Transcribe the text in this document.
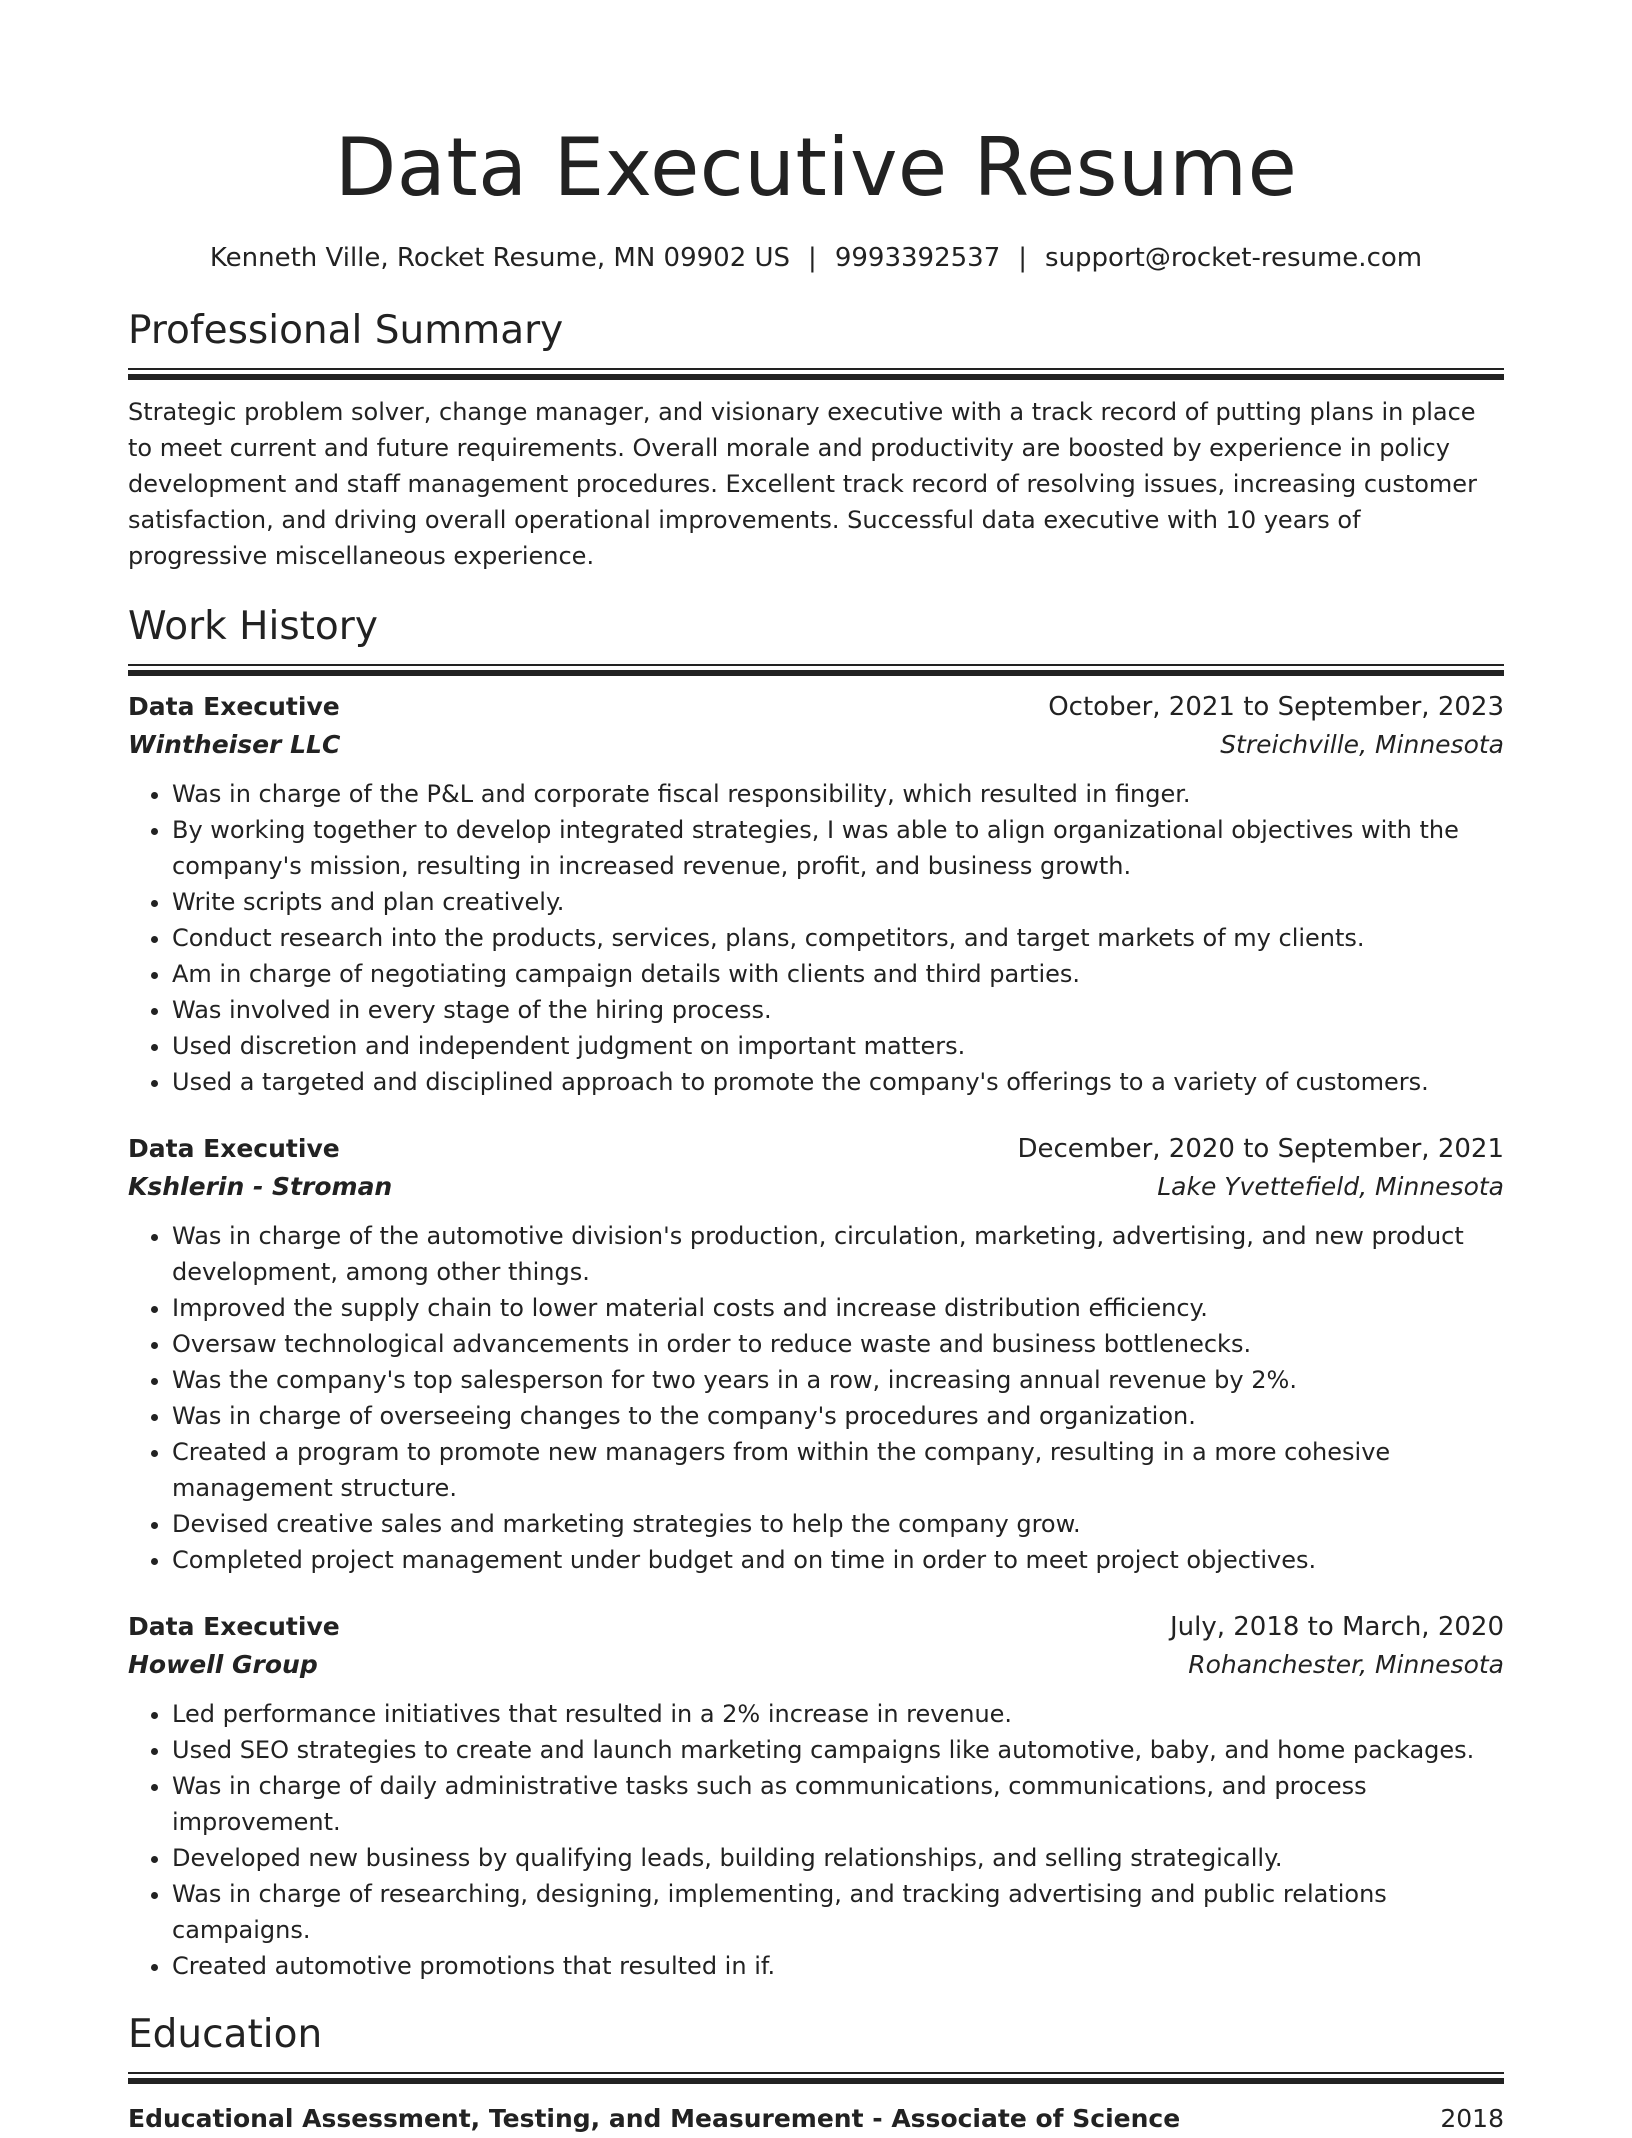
Data Executive Resume
Kenneth Ville, Rocket Resume, MN 09902 US | 9993392537 | support@rocket-resume.com
Professional Summary
Strategic problem solver, change manager, and visionary executive with a track record of putting plans in place to meet current and future requirements. Overall morale and productivity are boosted by experience in policy development and staff management procedures. Excellent track record of resolving issues, increasing customer satisfaction, and driving overall operational improvements. Successful data executive with 10 years of progressive miscellaneous experience.
Work History
Data Executive	October, 2021 to September, 2023
Wintheiser LLC	Streichville, Minnesota
• Was in charge of the P&L and corporate fiscal responsibility, which resulted in finger.
• By working together to develop integrated strategies, I was able to align organizational objectives with the company's mission, resulting in increased revenue, profit, and business growth.
• Write scripts and plan creatively.
• Conduct research into the products, services, plans, competitors, and target markets of my clients.
• Am in charge of negotiating campaign details with clients and third parties.
• Was involved in every stage of the hiring process.
• Used discretion and independent judgment on important matters.
• Used a targeted and disciplined approach to promote the company's offerings to a variety of customers.
Data Executive	December, 2020 to September, 2021
Kshlerin - Stroman	Lake Yvettefield, Minnesota
• Was in charge of the automotive division's production, circulation, marketing, advertising, and new product development, among other things.
• Improved the supply chain to lower material costs and increase distribution efficiency.
• Oversaw technological advancements in order to reduce waste and business bottlenecks.
• Was the company's top salesperson for two years in a row, increasing annual revenue by 2%.
• Was in charge of overseeing changes to the company's procedures and organization.
• Created a program to promote new managers from within the company, resulting in a more cohesive management structure.
• Devised creative sales and marketing strategies to help the company grow.
• Completed project management under budget and on time in order to meet project objectives.
Data Executive	July, 2018 to March, 2020
Howell Group	Rohanchester, Minnesota
• Led performance initiatives that resulted in a 2% increase in revenue.
• Used SEO strategies to create and launch marketing campaigns like automotive, baby, and home packages.
• Was in charge of daily administrative tasks such as communications, communications, and process improvement.
• Developed new business by qualifying leads, building relationships, and selling strategically.
• Was in charge of researching, designing, implementing, and tracking advertising and public relations campaigns.
• Created automotive promotions that resulted in if.
Education
Educational Assessment, Testing, and Measurement - Associate of Science	2018
